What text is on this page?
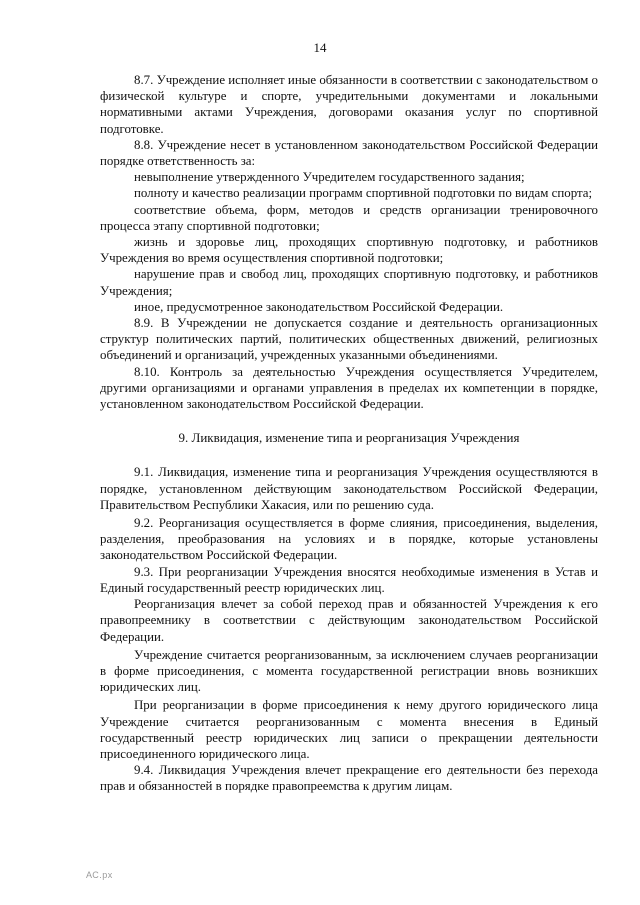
14

8.7. Учреждение исполняет иные обязанности в соответствии с законодательством о физической культуре и спорте, учредительными документами и локальными нормативными актами Учреждения, договорами оказания услуг по спортивной подготовке.

8.8. Учреждение несет в установленном законодательством Российской Федерации порядке ответственность за:

невыполнение утвержденного Учредителем государственного задания;

полноту и качество реализации программ спортивной подготовки по видам спорта;

соответствие объема, форм, методов и средств организации тренировочного процесса этапу спортивной подготовки;

жизнь и здоровье лиц, проходящих спортивную подготовку, и работников Учреждения во время осуществления спортивной подготовки;

нарушение прав и свобод лиц, проходящих спортивную подготовку, и работников Учреждения;

иное, предусмотренное законодательством Российской Федерации.

8.9. В Учреждении не допускается создание и деятельность организационных структур политических партий, политических общественных движений, религиозных объединений и организаций, учрежденных указанными объединениями.

8.10. Контроль за деятельностью Учреждения осуществляется Учредителем, другими организациями и органами управления в пределах их компетенции в порядке, установленном законодательством Российской Федерации.

9. Ликвидация, изменение типа и реорганизация Учреждения

9.1. Ликвидация, изменение типа и реорганизация Учреждения осуществляются в порядке, установленном действующим законодательством Российской Федерации, Правительством Республики Хакасия, или по решению суда.

9.2. Реорганизация осуществляется в форме слияния, присоединения, выделения, разделения, преобразования на условиях и в порядке, которые установлены законодательством Российской Федерации.

9.3. При реорганизации Учреждения вносятся необходимые изменения в Устав и Единый государственный реестр юридических лиц.

Реорганизация влечет за собой переход прав и обязанностей Учреждения к его правопреемнику в соответствии с действующим законодательством Российской Федерации.

Учреждение считается реорганизованным, за исключением случаев реорганизации в форме присоединения, с момента государственной регистрации вновь возникших юридических лиц.

При реорганизации в форме присоединения к нему другого юридического лица Учреждение считается реорганизованным с момента внесения в Единый государственный реестр юридических лиц записи о прекращении деятельности присоединенного юридического лица.

9.4. Ликвидация Учреждения влечет прекращение его деятельности без перехода прав и обязанностей в порядке правопреемства к другим лицам.

АС.рх
